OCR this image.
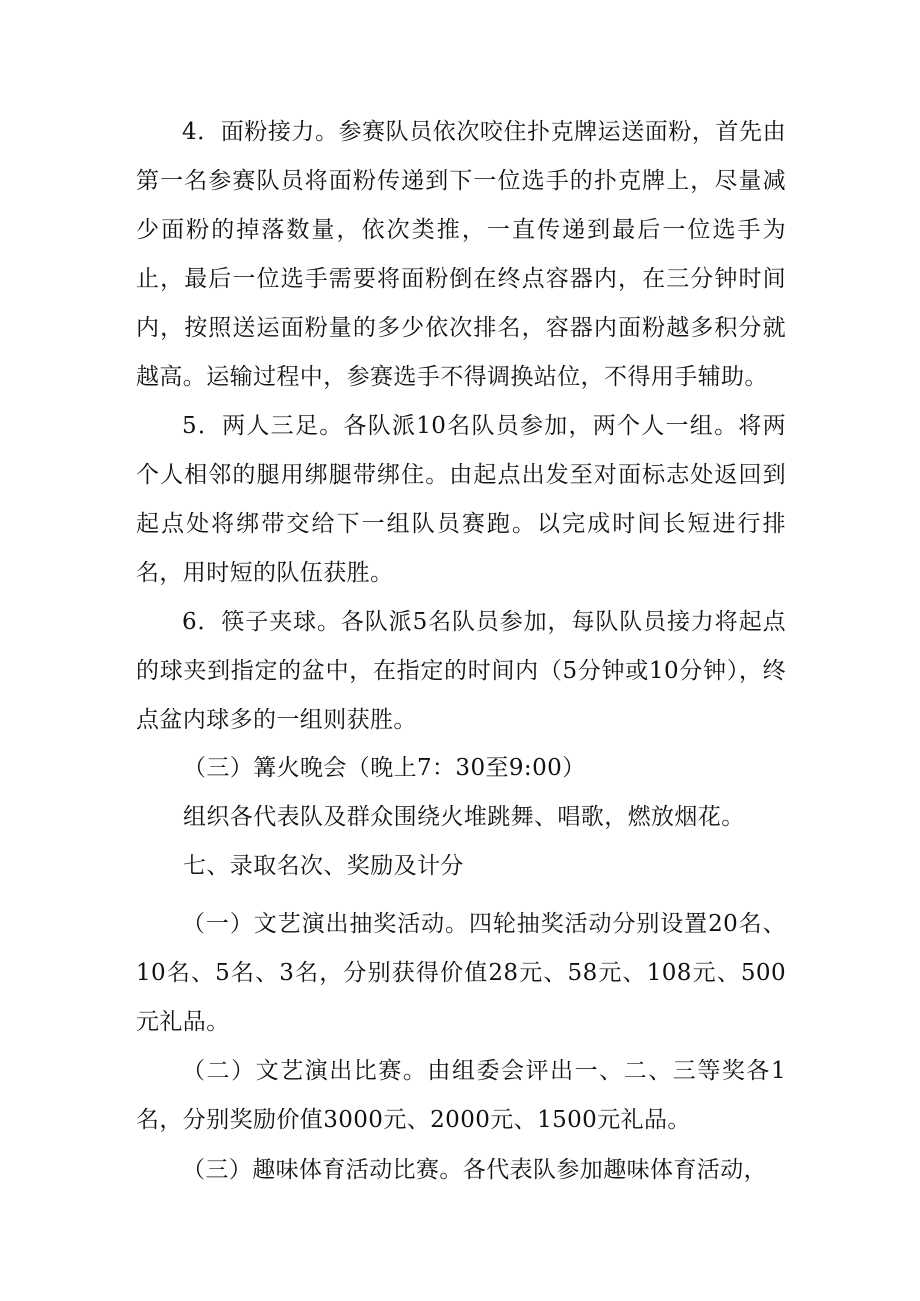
4．面粉接力。参赛队员依次咬住扑克牌运送面粉，首先由第一名参赛队员将面粉传递到下一位选手的扑克牌上，尽量减少面粉的掉落数量，依次类推，一直传递到最后一位选手为止，最后一位选手需要将面粉倒在终点容器内，在三分钟时间内，按照送运面粉量的多少依次排名，容器内面粉越多积分就越高。运输过程中，参赛选手不得调换站位，不得用手辅助。

5．两人三足。各队派10名队员参加，两个人一组。将两个人相邻的腿用绑腿带绑住。由起点出发至对面标志处返回到起点处将绑带交给下一组队员赛跑。以完成时间长短进行排名，用时短的队伍获胜。

6．筷子夹球。各队派5名队员参加，每队队员接力将起点的球夹到指定的盆中，在指定的时间内（5分钟或10分钟），终点盆内球多的一组则获胜。

（三）篝火晚会（晚上7：30至9:00）

组织各代表队及群众围绕火堆跳舞、唱歌，燃放烟花。

七、录取名次、奖励及计分

（一）文艺演出抽奖活动。四轮抽奖活动分别设置20名、10名、5名、3名，分别获得价值28元、58元、108元、500元礼品。

（二）文艺演出比赛。由组委会评出一、二、三等奖各1名，分别奖励价值3000元、2000元、1500元礼品。

（三）趣味体育活动比赛。各代表队参加趣味体育活动，
